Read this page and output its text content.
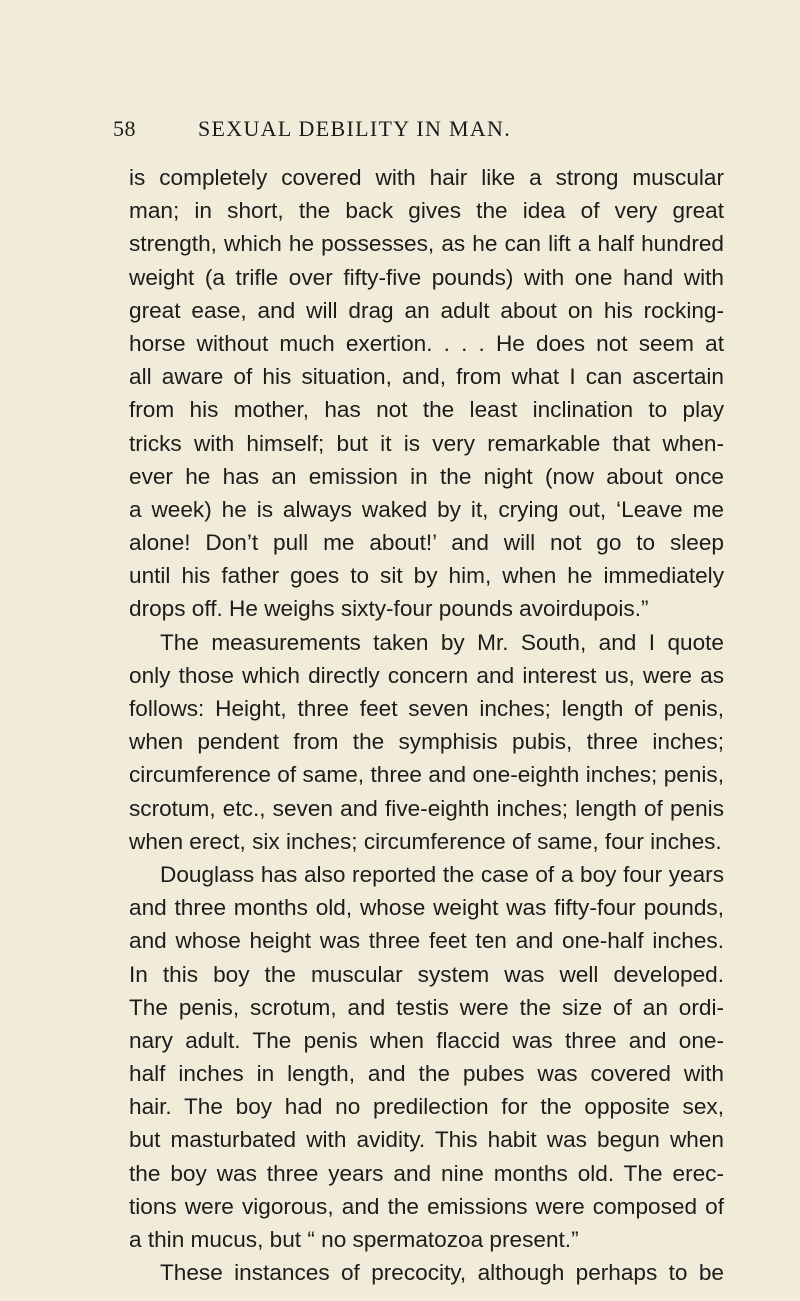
58	SEXUAL DEBILITY IN MAN.
is completely covered with hair like a strong muscular
man; in short, the back gives the idea of very great
strength, which he possesses, as he can lift a half hundred
weight (a trifle over fifty-five pounds) with one hand with
great ease, and will drag an adult about on his rocking-
horse without much exertion. . . . He does not seem at
all aware of his situation, and, from what I can ascertain
from his mother, has not the least inclination to play
tricks with himself; but it is very remarkable that when-
ever he has an emission in the night (now about once
a week) he is always waked by it, crying out, ‘Leave me
alone! Don’t pull me about!’ and will not go to sleep
until his father goes to sit by him, when he immediately
drops off. He weighs sixty-four pounds avoirdupois.”
The measurements taken by Mr. South, and I quote
only those which directly concern and interest us, were as
follows: Height, three feet seven inches; length of penis,
when pendent from the symphisis pubis, three inches;
circumference of same, three and one-eighth inches; penis,
scrotum, etc., seven and five-eighth inches; length of penis
when erect, six inches; circumference of same, four inches.
Douglass has also reported the case of a boy four years
and three months old, whose weight was fifty-four pounds,
and whose height was three feet ten and one-half inches.
In this boy the muscular system was well developed.
The penis, scrotum, and testis were the size of an ordi-
nary adult. The penis when flaccid was three and one-
half inches in length, and the pubes was covered with
hair. The boy had no predilection for the opposite sex,
but masturbated with avidity. This habit was begun when
the boy was three years and nine months old. The erec-
tions were vigorous, and the emissions were composed of
a thin mucus, but “ no spermatozoa present.”
These instances of precocity, although perhaps to be
